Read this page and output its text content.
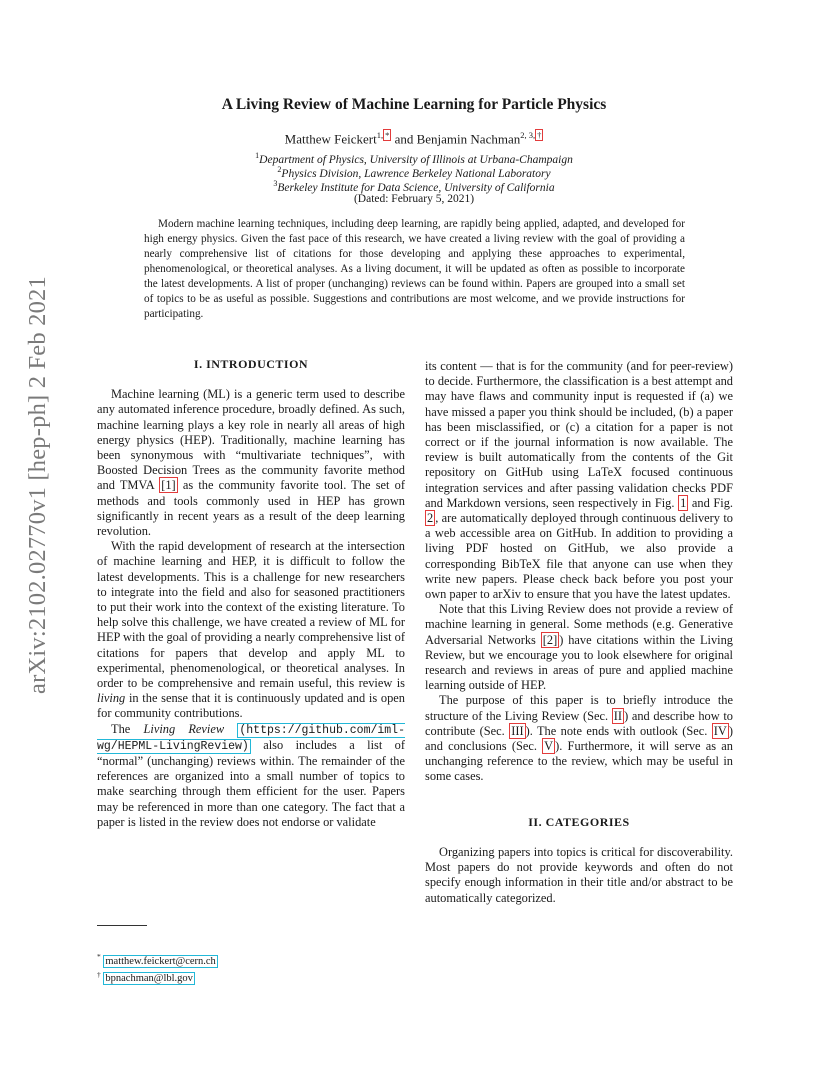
arXiv:2102.02770v1 [hep-ph] 2 Feb 2021
A Living Review of Machine Learning for Particle Physics
Matthew Feickert$^{1, *}$ and Benjamin Nachman$^{2, 3, \dagger}$
$^1$Department of Physics, University of Illinois at Urbana-Champaign
$^2$Physics Division, Lawrence Berkeley National Laboratory
$^3$Berkeley Institute for Data Science, University of California
(Dated: February 5, 2021)

Modern machine learning techniques, including deep learning, are rapidly being applied, adapted, and developed for high energy physics. Given the fast pace of this research, we have created a living review with the goal of providing a nearly comprehensive list of citations for those developing and applying these approaches to experimental, phenomenological, or theoretical analyses. As a living document, it will be updated as often as possible to incorporate the latest developments. A list of proper (unchanging) reviews can be found within. Papers are grouped into a small set of topics to be as useful as possible. Suggestions and contributions are most welcome, and we provide instructions for participating.

I. INTRODUCTION

Machine learning (ML) is a generic term used to describe any automated inference procedure, broadly defined. As such, machine learning plays a key role in nearly all areas of high energy physics (HEP). Traditionally, machine learning has been synonymous with “multivariate techniques”, with Boosted Decision Trees as the community favorite method and TMVA [1] as the community favorite tool. The set of methods and tools commonly used in HEP has grown significantly in recent years as a result of the deep learning revolution.

With the rapid development of research at the intersection of machine learning and HEP, it is difficult to follow the latest developments. This is a challenge for new researchers to integrate into the field and also for seasoned practitioners to put their work into the context of the existing literature. To help solve this challenge, we have created a review of ML for HEP with the goal of providing a nearly comprehensive list of citations for papers that develop and apply ML to experimental, phenomenological, or theoretical analyses. In order to be comprehensive and remain useful, this review is living in the sense that it is continuously updated and is open for community contributions.

The Living Review (https://github.com/iml-wg/HEPML-LivingReview) also includes a list of “normal” (unchanging) reviews within. The remainder of the references are organized into a small number of topics to make searching through them efficient for the user. Papers may be referenced in more than one category. The fact that a paper is listed in the review does not endorse or validate

its content — that is for the community (and for peer-review) to decide. Furthermore, the classification is a best attempt and may have flaws and community input is requested if (a) we have missed a paper you think should be included, (b) a paper has been misclassified, or (c) a citation for a paper is not correct or if the journal information is now available. The review is built automatically from the contents of the Git repository on GitHub using LaTeX focused continuous integration services and after passing validation checks PDF and Markdown versions, seen respectively in Fig. 1 and Fig. 2 , are automatically deployed through continuous delivery to a web accessible area on GitHub. In addition to providing a living PDF hosted on GitHub, we also provide a corresponding BibTeX file that anyone can use when they write new papers. Please check back before you post your own paper to arXiv to ensure that you have the latest updates.

Note that this Living Review does not provide a review of machine learning in general. Some methods (e.g. Generative Adversarial Networks [2] ) have citations within the Living Review, but we encourage you to look elsewhere for original research and reviews in areas of pure and applied machine learning outside of HEP.

The purpose of this paper is to briefly introduce the structure of the Living Review (Sec. II ) and describe how to contribute (Sec. III ). The note ends with outlook (Sec. IV ) and conclusions (Sec. V ). Furthermore, it will serve as an unchanging reference to the review, which may be useful in some cases.

II. CATEGORIES

Organizing papers into topics is critical for discoverability. Most papers do not provide keywords and often do not specify enough information in their title and/or abstract to be automatically categorized.

* matthew.feickert@cern.ch
† bpnachman@lbl.gov
